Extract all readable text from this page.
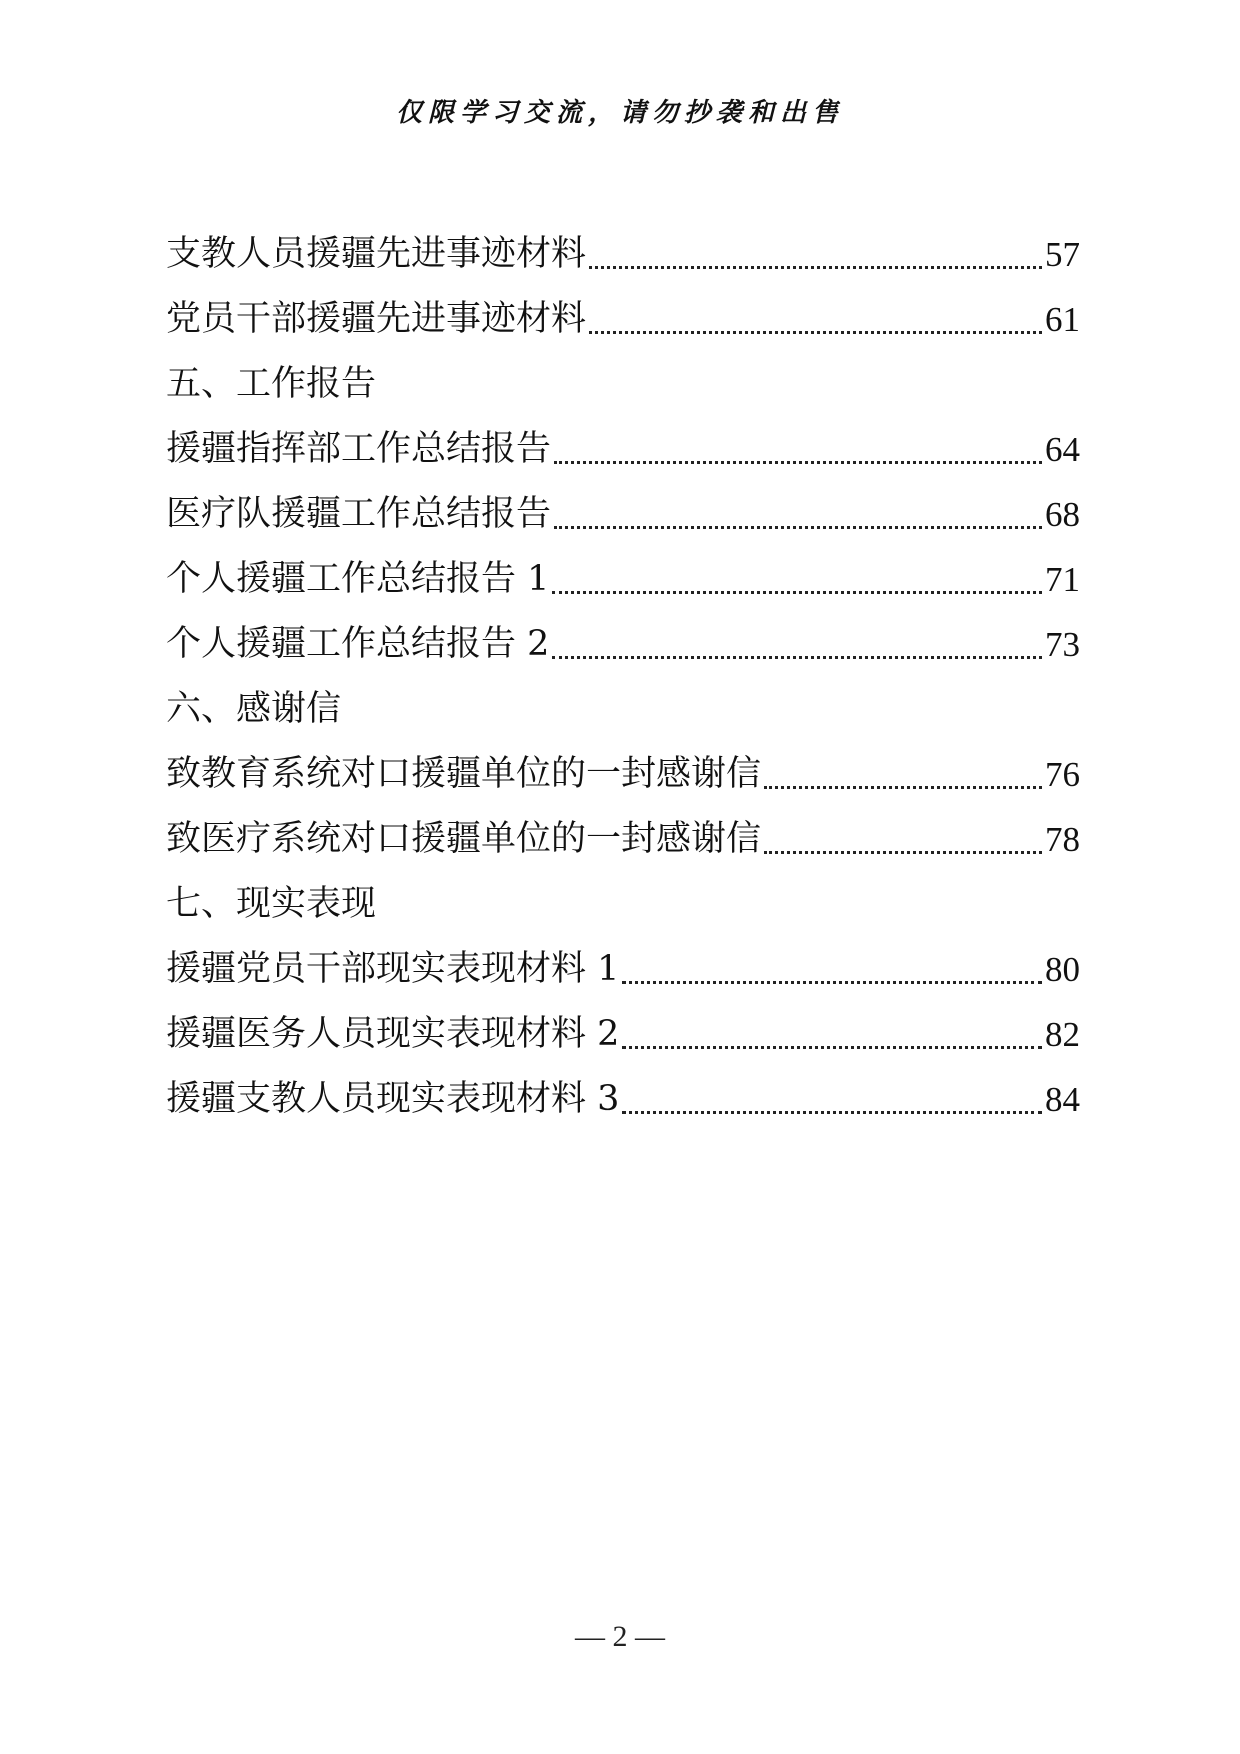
仅限学习交流，请勿抄袭和出售
支教人员援疆先进事迹材料	57
党员干部援疆先进事迹材料	61
五、工作报告
援疆指挥部工作总结报告	64
医疗队援疆工作总结报告	68
个人援疆工作总结报告 1	71
个人援疆工作总结报告 2	73
六、感谢信
致教育系统对口援疆单位的一封感谢信	76
致医疗系统对口援疆单位的一封感谢信	78
七、现实表现
援疆党员干部现实表现材料 1	80
援疆医务人员现实表现材料 2	82
援疆支教人员现实表现材料 3	84
— 2 —
